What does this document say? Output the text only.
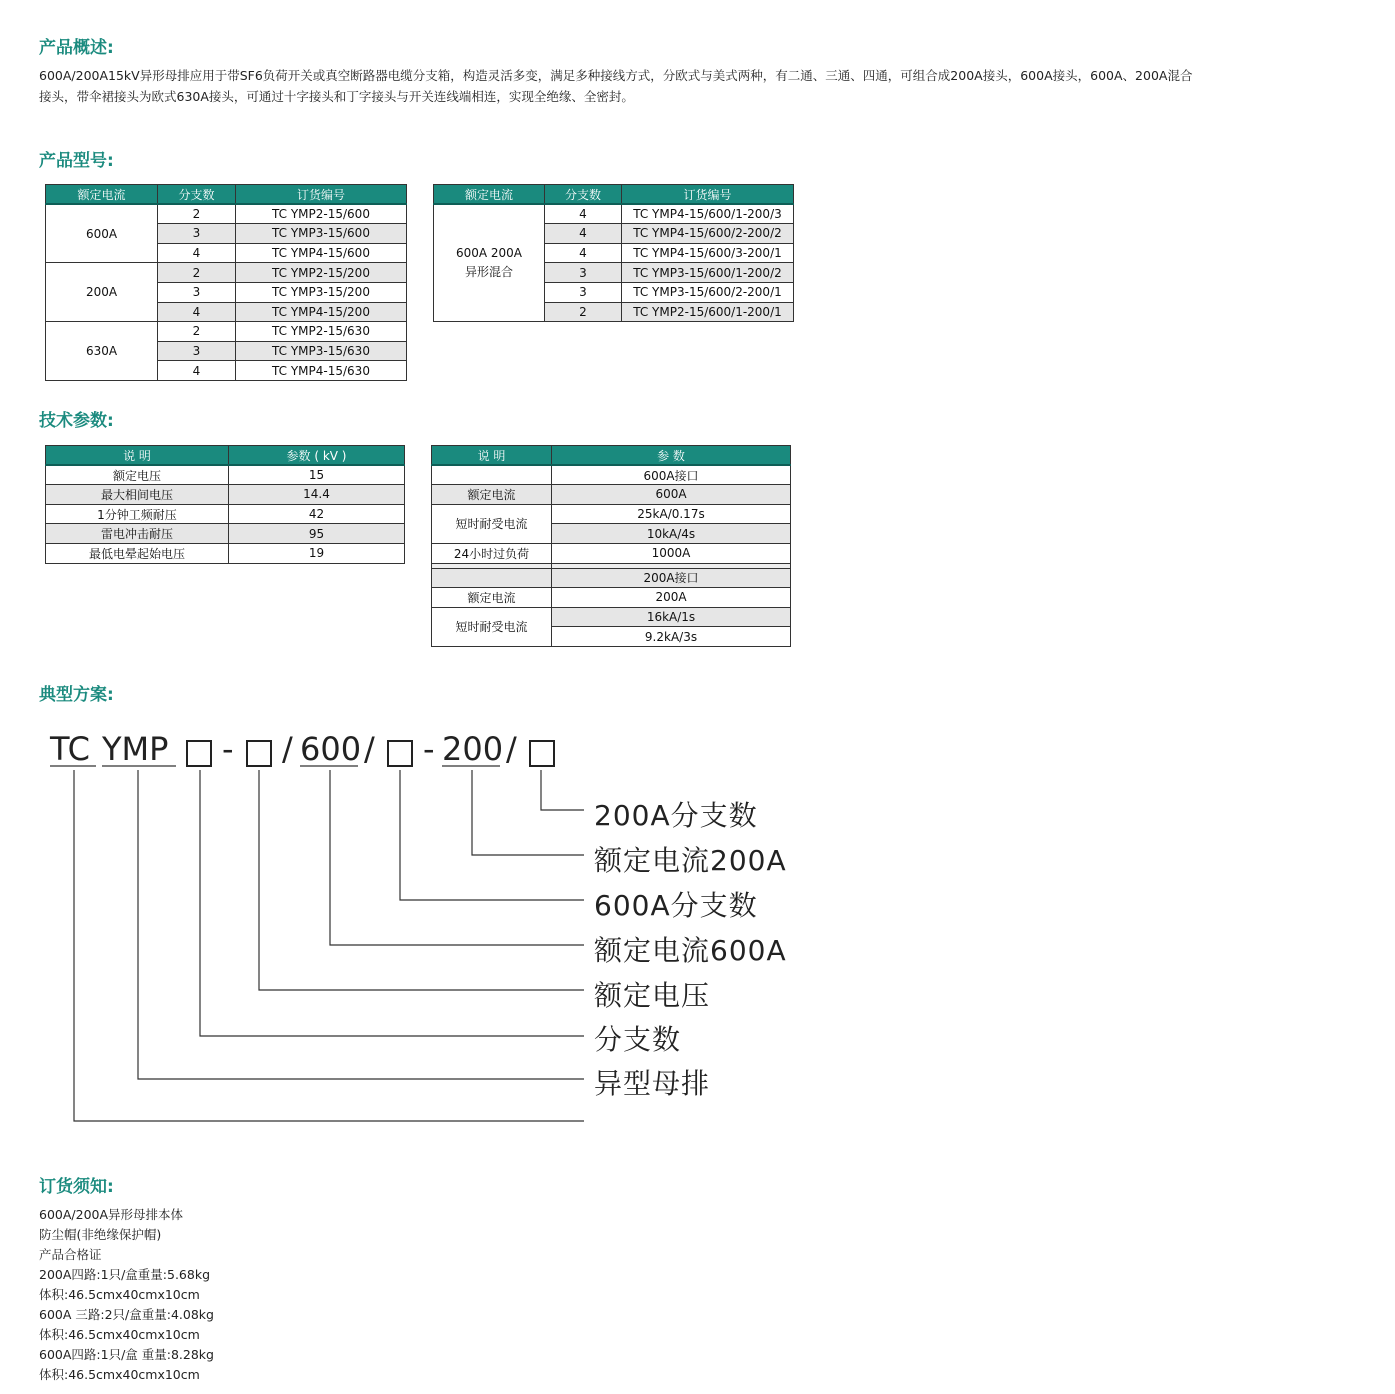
产品概述:
600A/200A15kV异形母排应用于带SF6负荷开关或真空断路器电缆分支箱，构造灵活多变，满足多种接线方式，分欧式与美式两种，有二通、三通、四通，可组合成200A接头，600A接头，600A、200A混合
接头，带伞裙接头为欧式630A接头，可通过十字接头和丁字接头与开关连线端相连，实现全绝缘、全密封。
产品型号:
额定电流	分支数	订货编号
600A	2	TC YMP2-15/600
	3	TC YMP3-15/600
	4	TC YMP4-15/600
200A	2	TC YMP2-15/200
	3	TC YMP3-15/200
	4	TC YMP4-15/200
630A	2	TC YMP2-15/630
	3	TC YMP3-15/630
	4	TC YMP4-15/630
额定电流	分支数	订货编号

600A 200A
异形混合	4	TC YMP4-15/600/1-200/3
	4	TC YMP4-15/600/2-200/2
	4	TC YMP4-15/600/3-200/1
	3	TC YMP3-15/600/1-200/2
	3	TC YMP3-15/600/2-200/1
	2	TC YMP2-15/600/1-200/1
技术参数:
说 明	参数 ( kV )
额定电压	15
最大相间电压	14.4
1分钟工频耐压	42
雷电冲击耐压	95
最低电晕起始电压	19
说 明	参 数
	600A接口
额定电流	600A
短时耐受电流	25kA/0.17s
	10kA/4s
24小时过负荷	1000A

	200A接口
额定电流	200A
短时耐受电流	16kA/1s
	9.2kA/3s
典型方案:
TC YMP - / 600 / - 200 /
200A分支数
额定电流200A
600A分支数
额定电流600A
额定电压
分支数
异型母排
订货须知:
600A/200A异形母排本体
防尘帽(非绝缘保护帽)
产品合格证
200A四路:1只/盒重量:5.68kg
体积:46.5cmx40cmx10cm
600A 三路:2只/盒重量:4.08kg
体积:46.5cmx40cmx10cm
600A四路:1只/盒 重量:8.28kg
体积:46.5cmx40cmx10cm
